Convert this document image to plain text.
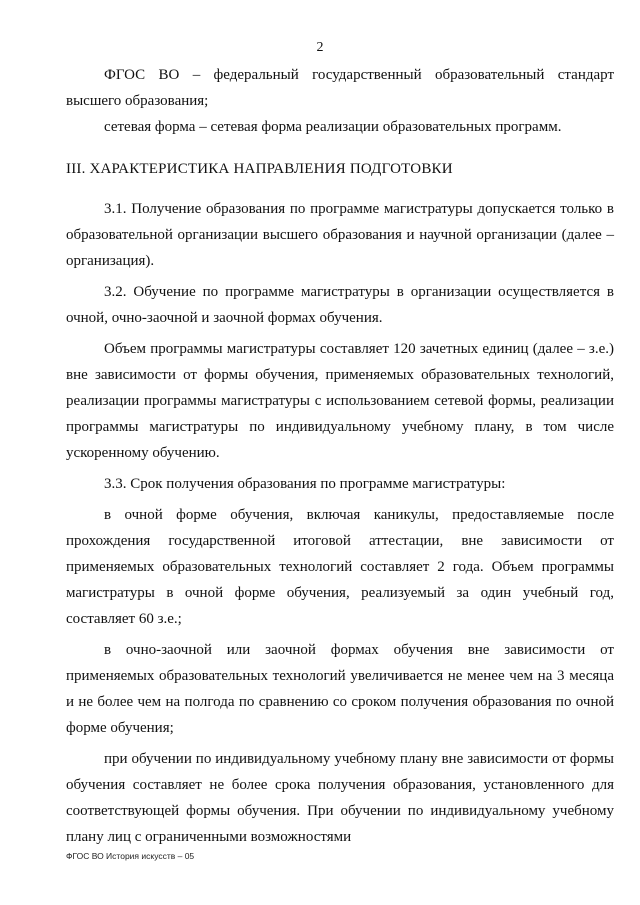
2

ФГОС ВО – федеральный государственный образовательный стандарт высшего образования;

сетевая форма – сетевая форма реализации образовательных программ.

III. ХАРАКТЕРИСТИКА НАПРАВЛЕНИЯ ПОДГОТОВКИ

3.1. Получение образования по программе магистратуры допускается только в образовательной организации высшего образования и научной организации (далее – организация).

3.2. Обучение по программе магистратуры в организации осуществляется в очной, очно-заочной и заочной формах обучения.

Объем программы магистратуры составляет 120 зачетных единиц (далее – з.е.) вне зависимости от формы обучения, применяемых образовательных технологий, реализации программы магистратуры с использованием сетевой формы, реализации программы магистратуры по индивидуальному учебному плану, в том числе ускоренному обучению.

3.3. Срок получения образования по программе магистратуры:

в очной форме обучения, включая каникулы, предоставляемые после прохождения государственной итоговой аттестации, вне зависимости от применяемых образовательных технологий составляет 2 года. Объем программы магистратуры в очной форме обучения, реализуемый за один учебный год, составляет 60 з.е.;

в очно-заочной или заочной формах обучения вне зависимости от применяемых образовательных технологий увеличивается не менее чем на 3 месяца и не более чем на полгода по сравнению со сроком получения образования по очной форме обучения;

при обучении по индивидуальному учебному плану вне зависимости от формы обучения составляет не более срока получения образования, установленного для соответствующей формы обучения. При обучении по индивидуальному учебному плану лиц с ограниченными возможностями

ФГОС ВО История искусств – 05
